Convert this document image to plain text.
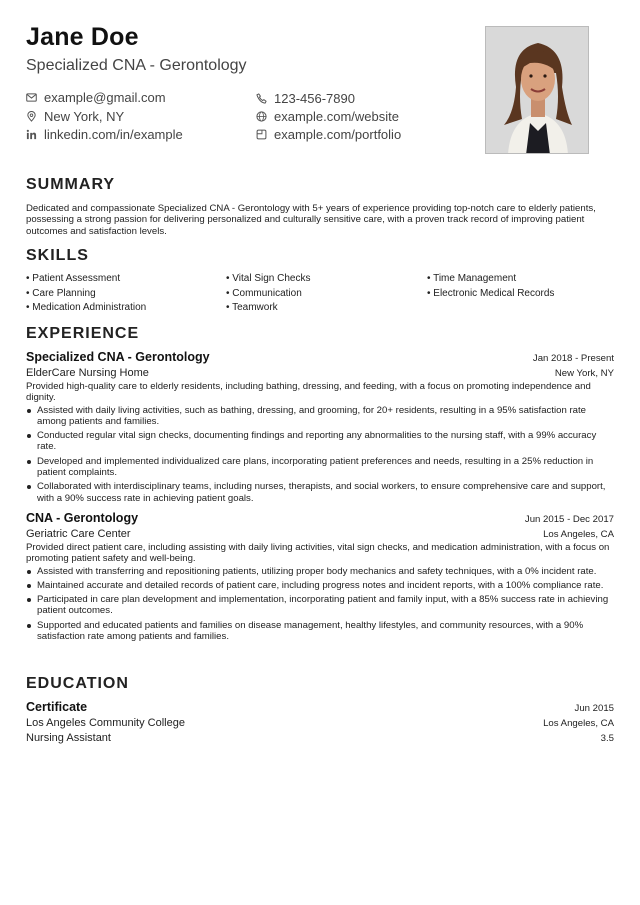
Jane Doe
Specialized CNA - Gerontology
example@gmail.com	123-456-7890
New York, NY	example.com/website
linkedin.com/in/example	example.com/portfolio
SUMMARY
Dedicated and compassionate Specialized CNA - Gerontology with 5+ years of experience providing top-notch care to elderly patients, possessing a strong passion for delivering personalized and culturally sensitive care, with a proven track record of improving patient outcomes and satisfaction levels.
SKILLS
• Patient Assessment	• Vital Sign Checks	• Time Management
• Care Planning	• Communication	• Electronic Medical Records
• Medication Administration	• Teamwork
EXPERIENCE
Specialized CNA - Gerontology	Jan 2018 - Present
ElderCare Nursing Home	New York, NY
Provided high-quality care to elderly residents, including bathing, dressing, and feeding, with a focus on promoting independence and dignity.
Assisted with daily living activities, such as bathing, dressing, and grooming, for 20+ residents, resulting in a 95% satisfaction rate among patients and families.
Conducted regular vital sign checks, documenting findings and reporting any abnormalities to the nursing staff, with a 99% accuracy rate.
Developed and implemented individualized care plans, incorporating patient preferences and needs, resulting in a 25% reduction in patient complaints.
Collaborated with interdisciplinary teams, including nurses, therapists, and social workers, to ensure comprehensive care and support, with a 90% success rate in achieving patient goals.
CNA - Gerontology	Jun 2015 - Dec 2017
Geriatric Care Center	Los Angeles, CA
Provided direct patient care, including assisting with daily living activities, vital sign checks, and medication administration, with a focus on promoting patient safety and well-being.
Assisted with transferring and repositioning patients, utilizing proper body mechanics and safety techniques, with a 0% incident rate.
Maintained accurate and detailed records of patient care, including progress notes and incident reports, with a 100% compliance rate.
Participated in care plan development and implementation, incorporating patient and family input, with a 85% success rate in achieving patient outcomes.
Supported and educated patients and families on disease management, healthy lifestyles, and community resources, with a 90% satisfaction rate among patients and families.
EDUCATION
Certificate	Jun 2015
Los Angeles Community College	Los Angeles, CA
Nursing Assistant	3.5
